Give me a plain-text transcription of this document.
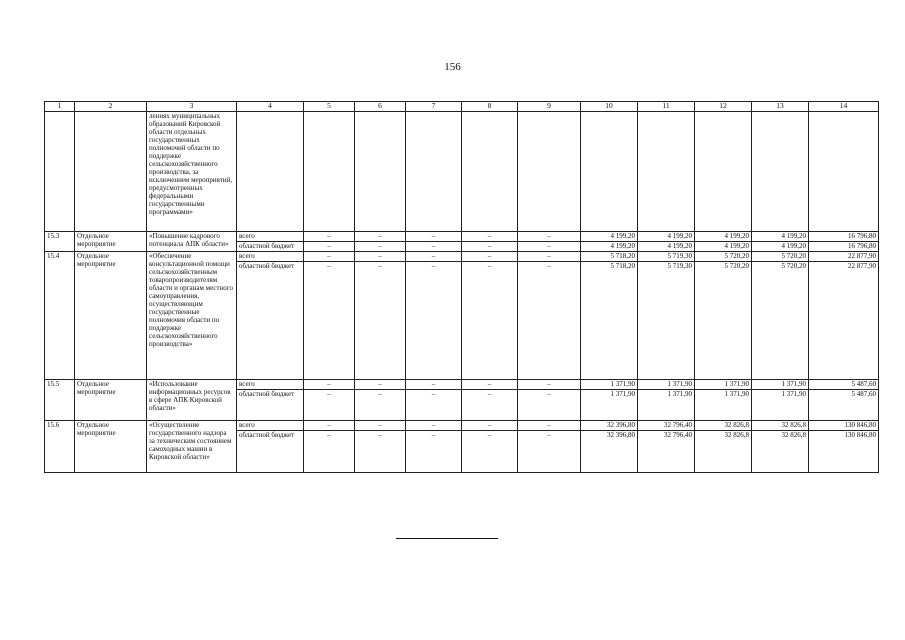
156
1	2	3	4	5	6	7	8	9	10	11	12	13	14
		лениях муниципальных образований Кировской области отдельных государственных полномочий области по поддержке сельскохозяйственного производства, за исключением мероприятий, предусмотренных федеральными государственными программами»											
15.3	Отдельное мероприятие	«Повышение кадрового потенциала АПК области»	всего	–	–	–	–	–	4 199,20	4 199,20	4 199,20	4 199,20	16 796,80
			областной бюджет	–	–	–	–	–	4 199,20	4 199,20	4 199,20	4 199,20	16 796,80
15.4	Отдельное мероприятие	«Обеспечение консультационной помощи сельскохозяйственным товаропроизводителям области и органам местного самоуправления, осуществляющим государственные полномочия области по поддержке сельскохозяйственного производства»	всего	–	–	–	–	–	5 718,20	5 719,30	5 720,20	5 720,20	22 877,90
			областной бюджет	–	–	–	–	–	5 718,20	5 719,30	5 720,20	5 720,20	22 877,90
15.5	Отдельное мероприятие	«Использование информационных ресурсов в сфере АПК Кировской области»	всего	–	–	–	–	–	1 371,90	1 371,90	1 371,90	1 371,90	5 487,60
			областной бюджет	–	–	–	–	–	1 371,90	1 371,90	1 371,90	1 371,90	5 487,60
15.6	Отдельное мероприятие	«Осуществление государственного надзора за техническим состоянием самоходных машин в Кировской области»	всего	–	–	–	–	–	32 396,80	32 796,40	32 826,8	32 826,8	130 846,80
			областной бюджет	–	–	–	–	–	32 396,80	32 796,40	32 826,8	32 826,8	130 846,80
